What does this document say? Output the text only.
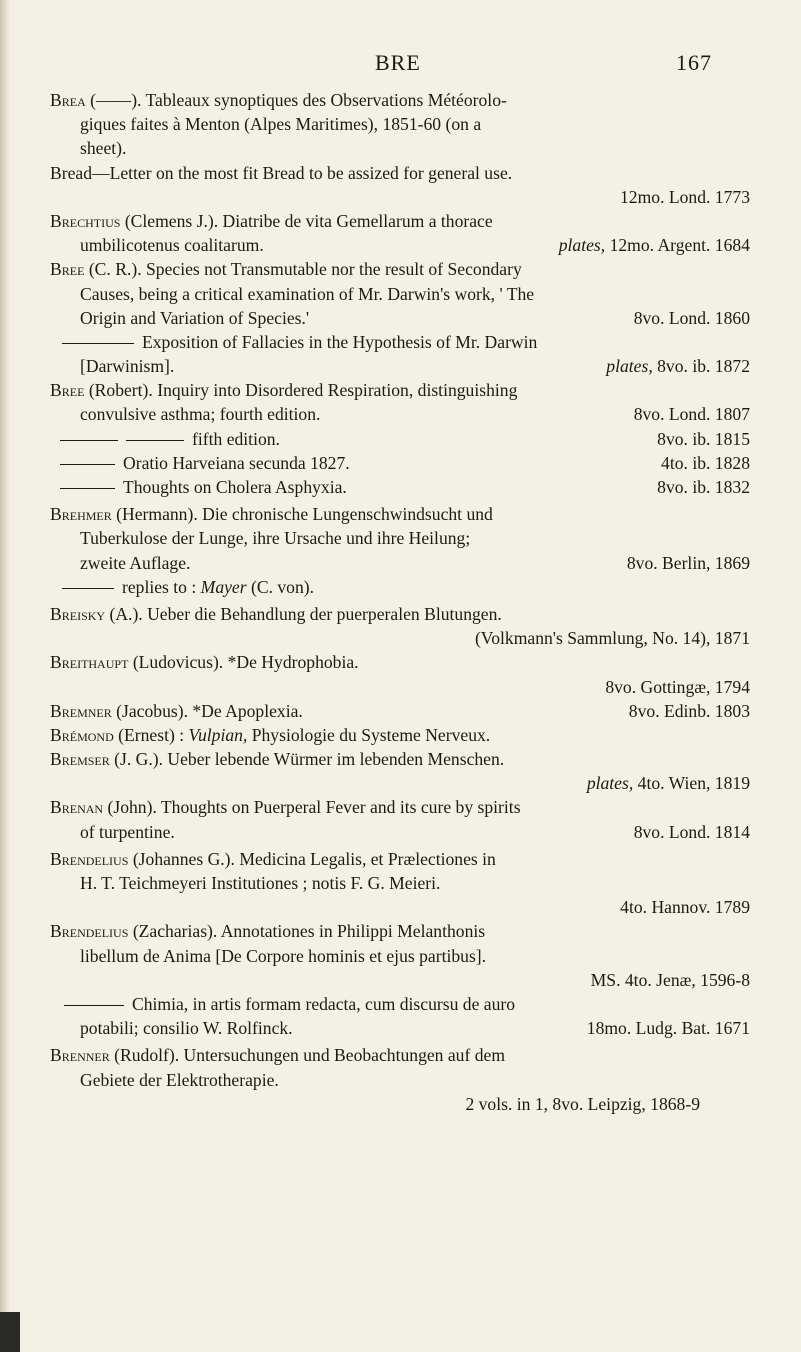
BRE	167
Brea (——). Tableaux synoptiques des Observations Météorolo-
giques faites à Menton (Alpes Maritimes), 1851-60 (on a
sheet).
Bread—Letter on the most fit Bread to be assized for general use.
12mo. Lond. 1773
Brechtius (Clemens J.). Diatribe de vita Gemellarum a thorace
umbilicotenus coalitarum.	plates, 12mo. Argent. 1684
Bree (C. R.). Species not Transmutable nor the result of Secondary
Causes, being a critical examination of Mr. Darwin's work, ' The
Origin and Variation of Species.'	8vo. Lond. 1860
Exposition of Fallacies in the Hypothesis of Mr. Darwin
[Darwinism].	plates, 8vo. ib. 1872
Bree (Robert). Inquiry into Disordered Respiration, distinguishing
convulsive asthma; fourth edition.	8vo. Lond. 1807
fifth edition.	8vo. ib. 1815
Oratio Harveiana secunda 1827.	4to. ib. 1828
Thoughts on Cholera Asphyxia.	8vo. ib. 1832
Brehmer (Hermann). Die chronische Lungenschwindsucht und
Tuberkulose der Lunge, ihre Ursache und ihre Heilung;
zweite Auflage.	8vo. Berlin, 1869
replies to : Mayer (C. von).
Breisky (A.). Ueber die Behandlung der puerperalen Blutungen.
(Volkmann's Sammlung, No. 14), 1871
Breithaupt (Ludovicus). *De Hydrophobia.
8vo. Gottingæ, 1794
Bremner (Jacobus). *De Apoplexia.	8vo. Edinb. 1803
Brémond (Ernest) : Vulpian, Physiologie du Systeme Nerveux.
Bremser (J. G.). Ueber lebende Würmer im lebenden Menschen.
plates, 4to. Wien, 1819
Brenan (John). Thoughts on Puerperal Fever and its cure by spirits
of turpentine.	8vo. Lond. 1814
Brendelius (Johannes G.). Medicina Legalis, et Prælectiones in
H. T. Teichmeyeri Institutiones ; notis F. G. Meieri.
4to. Hannov. 1789
Brendelius (Zacharias). Annotationes in Philippi Melanthonis
libellum de Anima [De Corpore hominis et ejus partibus].
MS. 4to. Jenæ, 1596-8
Chimia, in artis formam redacta, cum discursu de auro
potabili; consilio W. Rolfinck.	18mo. Ludg. Bat. 1671
Brenner (Rudolf). Untersuchungen und Beobachtungen auf dem
Gebiete der Elektrotherapie.
2 vols. in 1, 8vo. Leipzig, 1868-9
